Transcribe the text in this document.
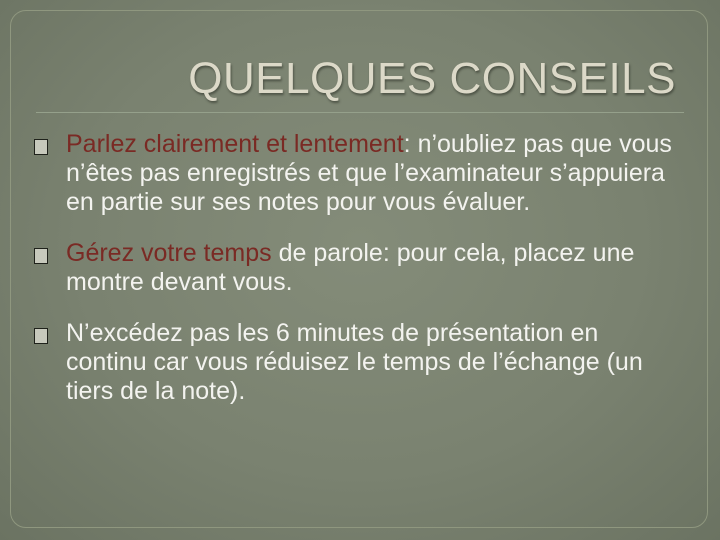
QUELQUES CONSEILS
Parlez clairement et lentement: n’oubliez pas que vous n’êtes pas enregistrés et que l’examinateur s’appuiera en partie sur ses notes pour vous évaluer.
Gérez votre temps de parole: pour cela, placez une montre devant vous.
N’excédez pas les 6 minutes de présentation en continu car vous réduisez le temps de l’échange (un tiers de la note).
